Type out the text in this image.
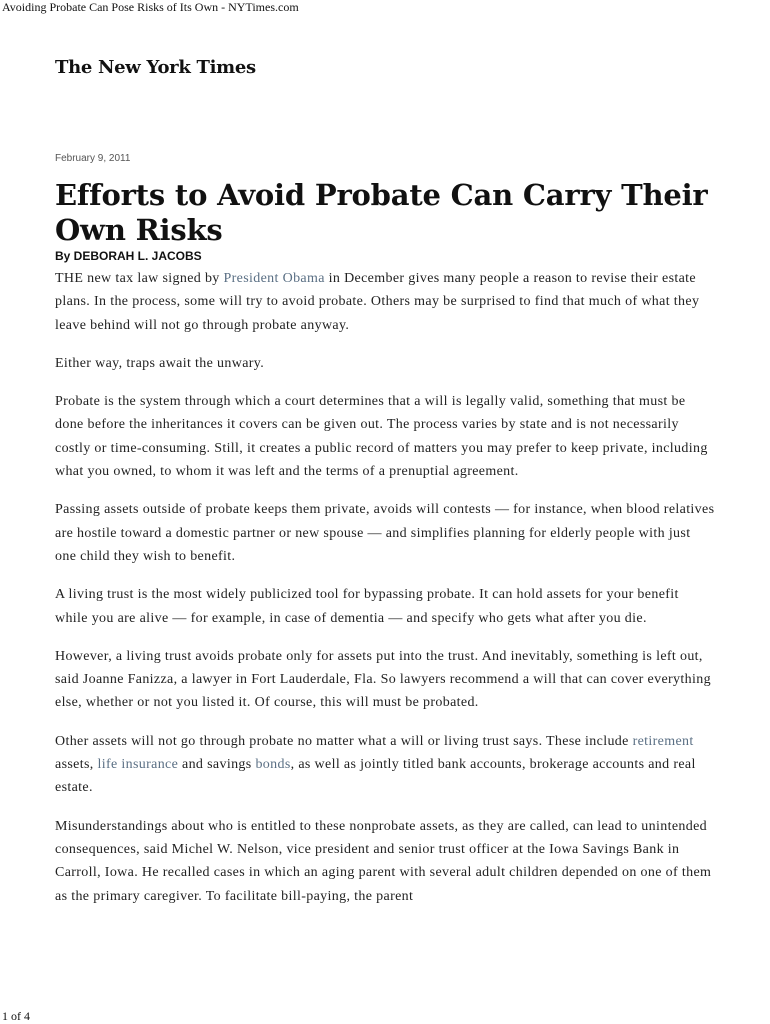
Avoiding Probate Can Pose Risks of Its Own - NYTimes.com
The New York Times
February 9, 2011
Efforts to Avoid Probate Can Carry Their Own Risks
By DEBORAH L. JACOBS

THE new tax law signed by President Obama in December gives many people a reason to revise their estate plans. In the process, some will try to avoid probate. Others may be surprised to find that much of what they leave behind will not go through probate anyway.

Either way, traps await the unwary.

Probate is the system through which a court determines that a will is legally valid, something that must be done before the inheritances it covers can be given out. The process varies by state and is not necessarily costly or time-consuming. Still, it creates a public record of matters you may prefer to keep private, including what you owned, to whom it was left and the terms of a prenuptial agreement.

Passing assets outside of probate keeps them private, avoids will contests — for instance, when blood relatives are hostile toward a domestic partner or new spouse — and simplifies planning for elderly people with just one child they wish to benefit.

A living trust is the most widely publicized tool for bypassing probate. It can hold assets for your benefit while you are alive — for example, in case of dementia — and specify who gets what after you die.

However, a living trust avoids probate only for assets put into the trust. And inevitably, something is left out, said Joanne Fanizza, a lawyer in Fort Lauderdale, Fla. So lawyers recommend a will that can cover everything else, whether or not you listed it. Of course, this will must be probated.

Other assets will not go through probate no matter what a will or living trust says. These include retirement assets, life insurance and savings bonds, as well as jointly titled bank accounts, brokerage accounts and real estate.

Misunderstandings about who is entitled to these nonprobate assets, as they are called, can lead to unintended consequences, said Michel W. Nelson, vice president and senior trust officer at the Iowa Savings Bank in Carroll, Iowa. He recalled cases in which an aging parent with several adult children depended on one of them as the primary caregiver. To facilitate bill-paying, the parent

1 of 4
